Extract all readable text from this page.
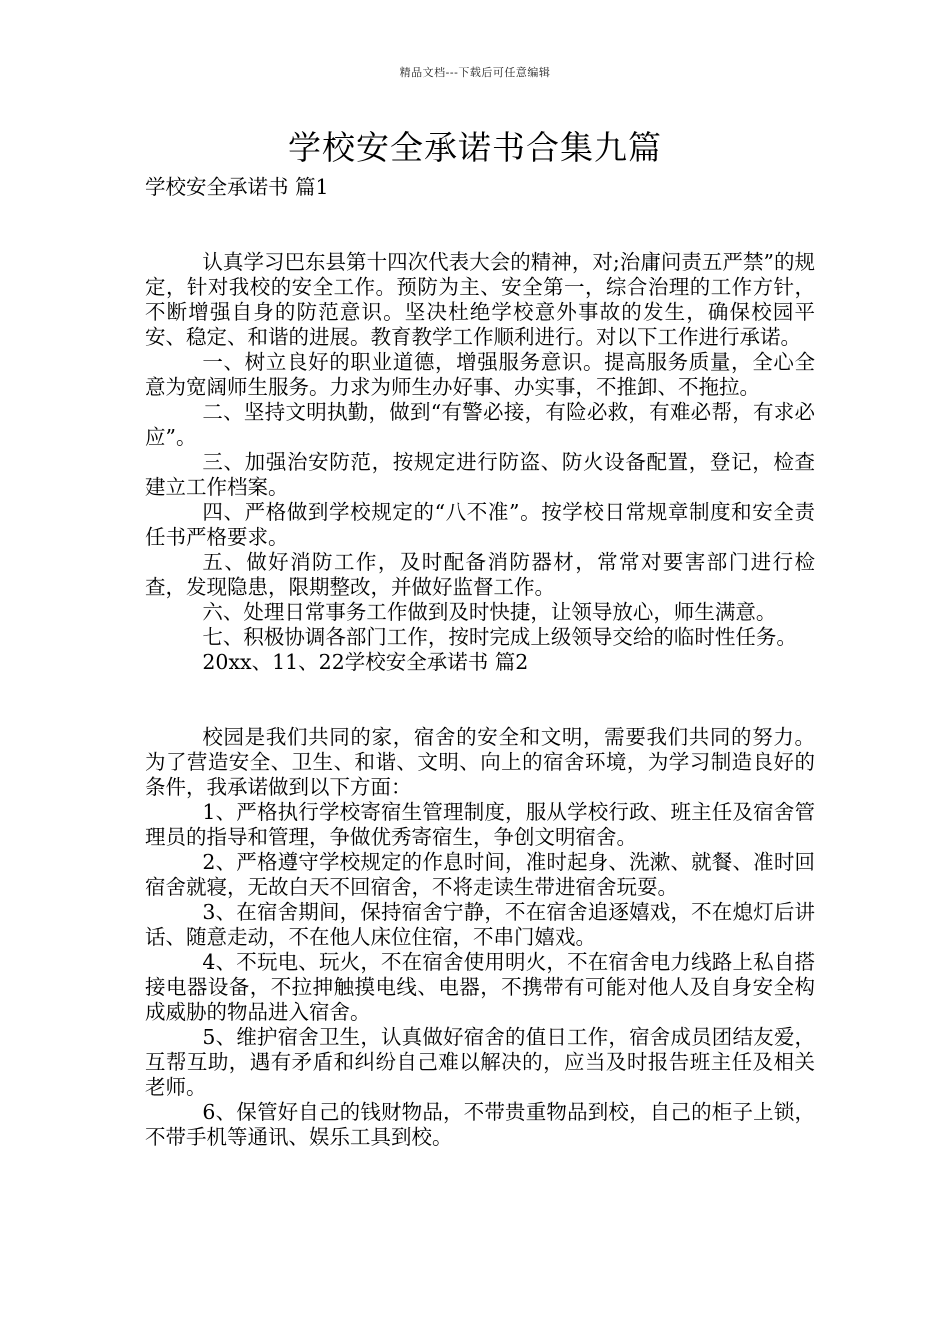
精品文档---下载后可任意编辑
学校安全承诺书合集九篇
学校安全承诺书 篇1

认真学习巴东县第十四次代表大会的精神，对;治庸问责五严禁”的规定，针对我校的安全工作。预防为主、安全第一，综合治理的工作方针，不断增强自身的防范意识。坚决杜绝学校意外事故的发生，确保校园平安、稳定、和谐的进展。教育教学工作顺利进行。对以下工作进行承诺。

一、树立良好的职业道德，增强服务意识。提高服务质量，全心全意为宽阔师生服务。力求为师生办好事、办实事，不推卸、不拖拉。

二、坚持文明执勤，做到“有警必接，有险必救，有难必帮，有求必应”。

三、加强治安防范，按规定进行防盗、防火设备配置，登记，检查建立工作档案。

四、严格做到学校规定的“八不准”。按学校日常规章制度和安全责任书严格要求。

五、做好消防工作，及时配备消防器材，常常对要害部门进行检查，发现隐患，限期整改，并做好监督工作。

六、处理日常事务工作做到及时快捷，让领导放心，师生满意。

七、积极协调各部门工作，按时完成上级领导交给的临时性任务。

20xx、11、22学校安全承诺书 篇2

校园是我们共同的家，宿舍的安全和文明，需要我们共同的努力。为了营造安全、卫生、和谐、文明、向上的宿舍环境，为学习制造良好的条件，我承诺做到以下方面：

1、严格执行学校寄宿生管理制度，服从学校行政、班主任及宿舍管理员的指导和管理，争做优秀寄宿生，争创文明宿舍。

2、严格遵守学校规定的作息时间，准时起身、洗漱、就餐、准时回宿舍就寝，无故白天不回宿舍，不将走读生带进宿舍玩耍。

3、在宿舍期间，保持宿舍宁静，不在宿舍追逐嬉戏，不在熄灯后讲话、随意走动，不在他人床位住宿，不串门嬉戏。

4、不玩电、玩火，不在宿舍使用明火，不在宿舍电力线路上私自搭接电器设备，不拉抻触摸电线、电器，不携带有可能对他人及自身安全构成威胁的物品进入宿舍。

5、维护宿舍卫生，认真做好宿舍的值日工作，宿舍成员团结友爱，互帮互助，遇有矛盾和纠纷自己难以解决的，应当及时报告班主任及相关老师。

6、保管好自己的钱财物品，不带贵重物品到校，自己的柜子上锁，不带手机等通讯、娱乐工具到校。
